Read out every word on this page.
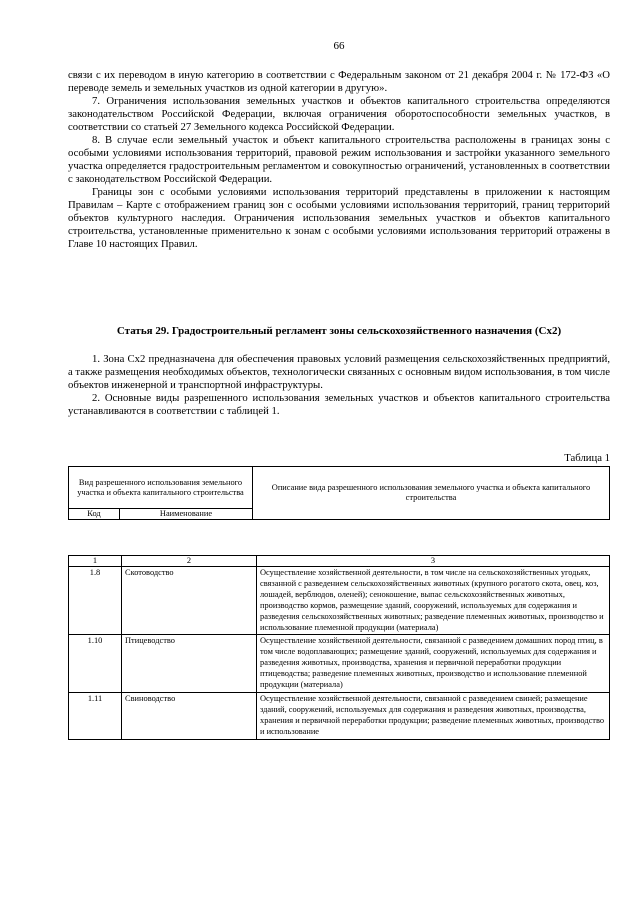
66

связи с их переводом в иную категорию в соответствии с Федеральным законом от 21 декабря 2004 г. № 172-ФЗ «О переводе земель и земельных участков из одной категории в другую».

7. Ограничения использования земельных участков и объектов капитального строительства определяются законодательством Российской Федерации, включая ограничения оборотоспособности земельных участков, в соответствии со статьей 27 Земельного кодекса Российской Федерации.

8. В случае если земельный участок и объект капитального строительства расположены в границах зоны с особыми условиями использования территорий, правовой режим использования и застройки указанного земельного участка определяется градостроительным регламентом и совокупностью ограничений, установленных в соответствии с законодательством Российской Федерации.

Границы зон с особыми условиями использования территорий представлены в приложении к настоящим Правилам – Карте с отображением границ зон с особыми условиями использования территорий, границ территорий объектов культурного наследия. Ограничения использования земельных участков и объектов капитального строительства, установленные применительно к зонам с особыми условиями использования территорий отражены в Главе 10 настоящих Правил.

Статья 29. Градостроительный регламент зоны сельскохозяйственного назначения (Сх2)

1. Зона Сх2 предназначена для обеспечения правовых условий размещения сельскохозяйственных предприятий, а также размещения необходимых объектов, технологически связанных с основным видом использования, в том числе объектов инженерной и транспортной инфраструктуры.

2. Основные виды разрешенного использования земельных участков и объектов капитального строительства устанавливаются в соответствии с таблицей 1.

Таблица 1
Вид разрешенного использования земельного участка и объекта капитального строительства		Описание вида разрешенного использования земельного участка и объекта капитального строительства
Код	Наименование	
1	2	3
1.8	Скотоводство	Осуществление хозяйственной деятельности, в том числе на сельскохозяйственных угодьях, связанной с разведением сельскохозяйственных животных (крупного рогатого скота, овец, коз, лошадей, верблюдов, оленей); сенокошение, выпас сельскохозяйственных животных, производство кормов, размещение зданий, сооружений, используемых для содержания и разведения сельскохозяйственных животных; разведение племенных животных, производство и использование племенной продукции (материала)
1.10	Птицеводство	Осуществление хозяйственной деятельности, связанной с разведением домашних пород птиц, в том числе водоплавающих; размещение зданий, сооружений, используемых для содержания и разведения животных, производства, хранения и первичной переработки продукции птицеводства; разведение племенных животных, производство и использование племенной продукции (материала)
1.11	Свиноводство	Осуществление хозяйственной деятельности, связанной с разведением свиней; размещение зданий, сооружений, используемых для содержания и разведения животных, производства, хранения и первичной переработки продукции; разведение племенных животных, производство и использование
